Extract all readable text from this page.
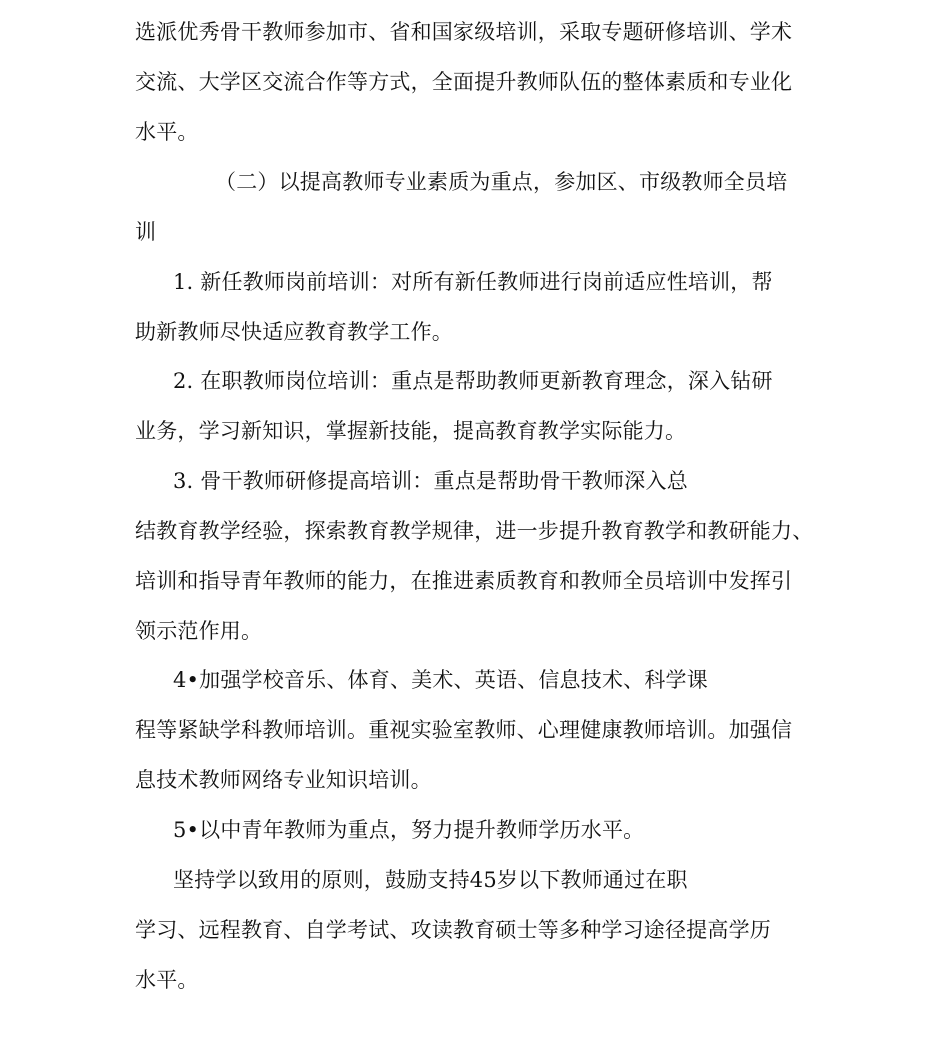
选派优秀骨干教师参加市、省和国家级培训，采取专题研修培训、学术
交流、大学区交流合作等方式，全面提升教师队伍的整体素质和专业化
水平。
（二）以提高教师专业素质为重点，参加区、市级教师全员培
训
1. 新任教师岗前培训：对所有新任教师进行岗前适应性培训，帮
助新教师尽快适应教育教学工作。
2. 在职教师岗位培训：重点是帮助教师更新教育理念，深入钻研
业务，学习新知识，掌握新技能，提高教育教学实际能力。
3. 骨干教师研修提高培训：重点是帮助骨干教师深入总
结教育教学经验，探索教育教学规律，进一步提升教育教学和教研能力、
培训和指导青年教师的能力，在推进素质教育和教师全员培训中发挥引
领示范作用。
4•加强学校音乐、体育、美术、英语、信息技术、科学课
程等紧缺学科教师培训。重视实验室教师、心理健康教师培训。加强信
息技术教师网络专业知识培训。
5•以中青年教师为重点，努力提升教师学历水平。
坚持学以致用的原则，鼓励支持45岁以下教师通过在职
学习、远程教育、自学考试、攻读教育硕士等多种学习途径提高学历
水平。
